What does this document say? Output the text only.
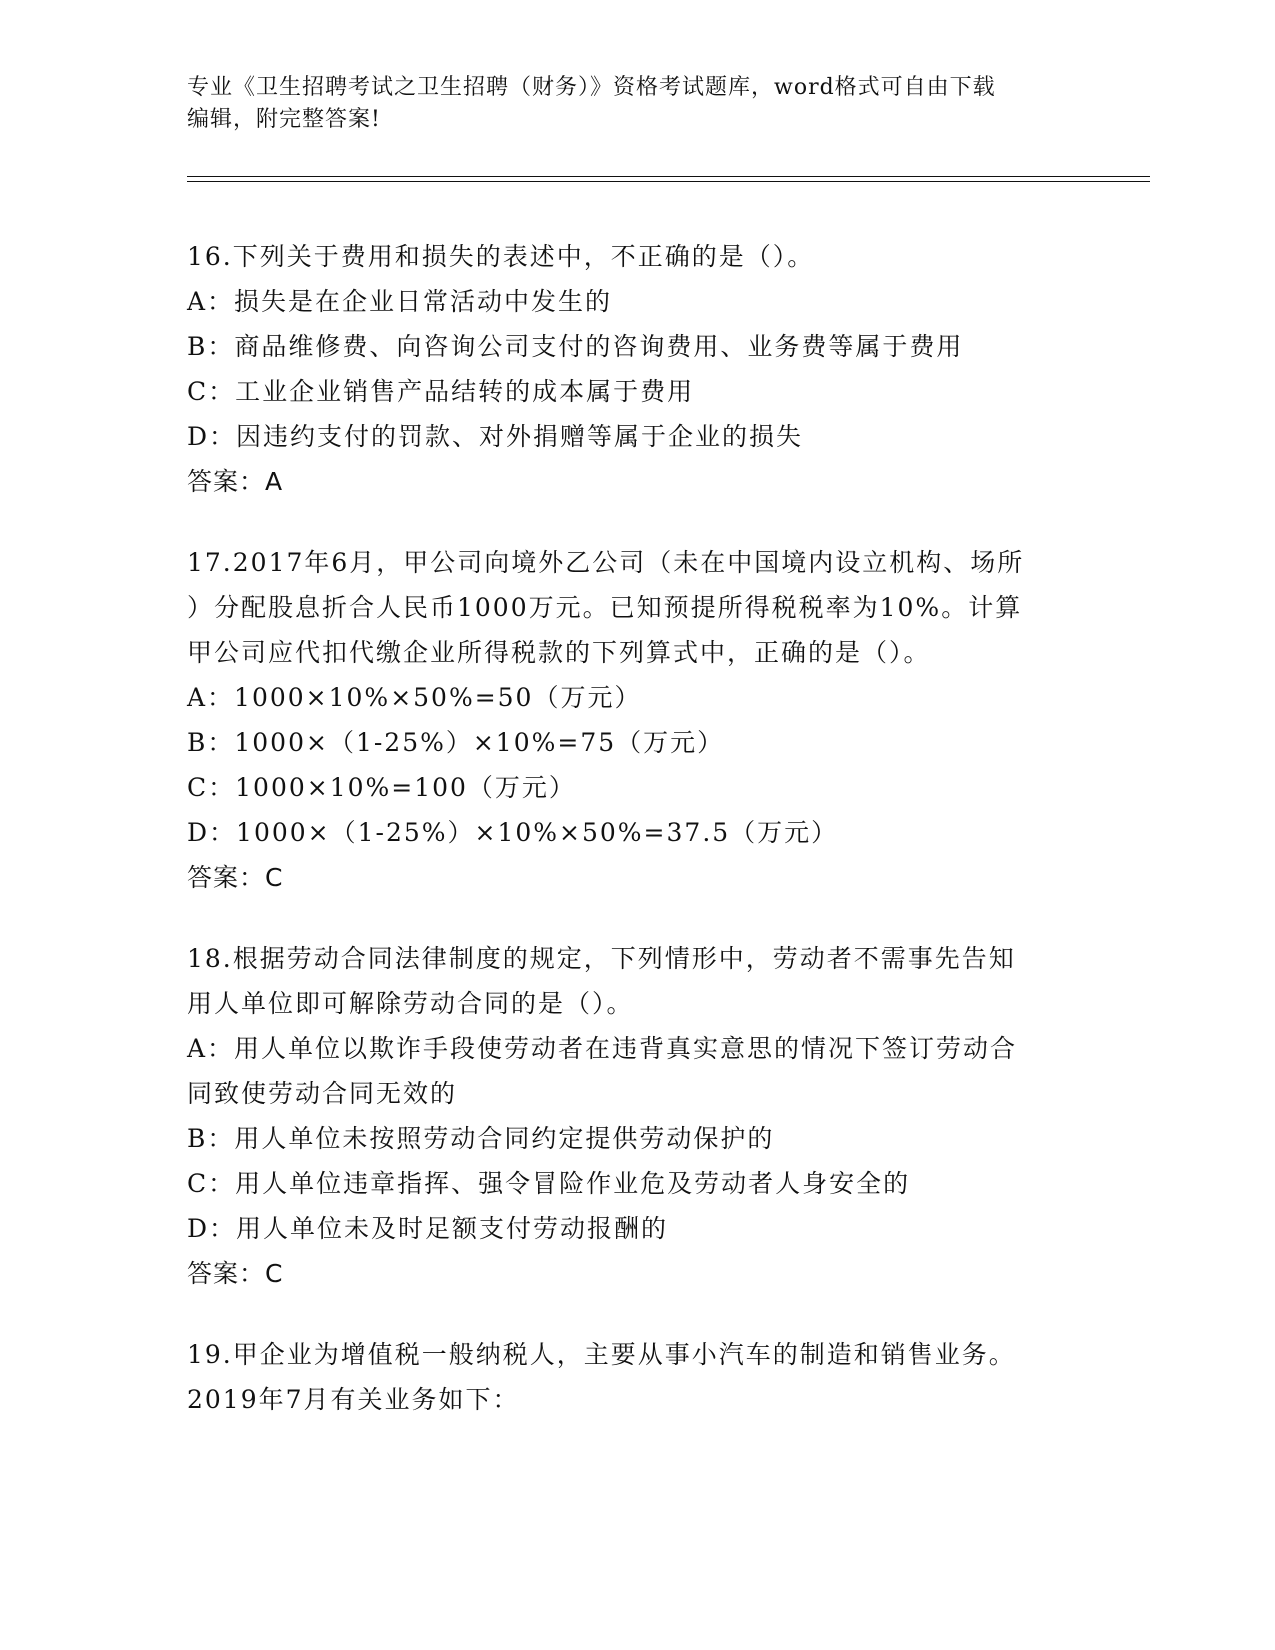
专业《卫生招聘考试之卫生招聘（财务）》资格考试题库，word格式可自由下载
编辑，附完整答案!
16.下列关于费用和损失的表述中，不正确的是（）。
A：损失是在企业日常活动中发生的
B：商品维修费、向咨询公司支付的咨询费用、业务费等属于费用
C：工业企业销售产品结转的成本属于费用
D：因违约支付的罚款、对外捐赠等属于企业的损失
答案：A
17.2017年6月，甲公司向境外乙公司（未在中国境内设立机构、场所
）分配股息折合人民币1000万元。已知预提所得税税率为10%。计算
甲公司应代扣代缴企业所得税款的下列算式中，正确的是（）。
A：1000×10%×50%=50（万元）
B：1000×（1-25%）×10%=75（万元）
C：1000×10%=100（万元）
D：1000×（1-25%）×10%×50%=37.5（万元）
答案：C
18.根据劳动合同法律制度的规定，下列情形中，劳动者不需事先告知
用人单位即可解除劳动合同的是（）。
A：用人单位以欺诈手段使劳动者在违背真实意思的情况下签订劳动合
同致使劳动合同无效的
B：用人单位未按照劳动合同约定提供劳动保护的
C：用人单位违章指挥、强令冒险作业危及劳动者人身安全的
D：用人单位未及时足额支付劳动报酬的
答案：C
19.甲企业为增值税一般纳税人，主要从事小汽车的制造和销售业务。
2019年7月有关业务如下：
